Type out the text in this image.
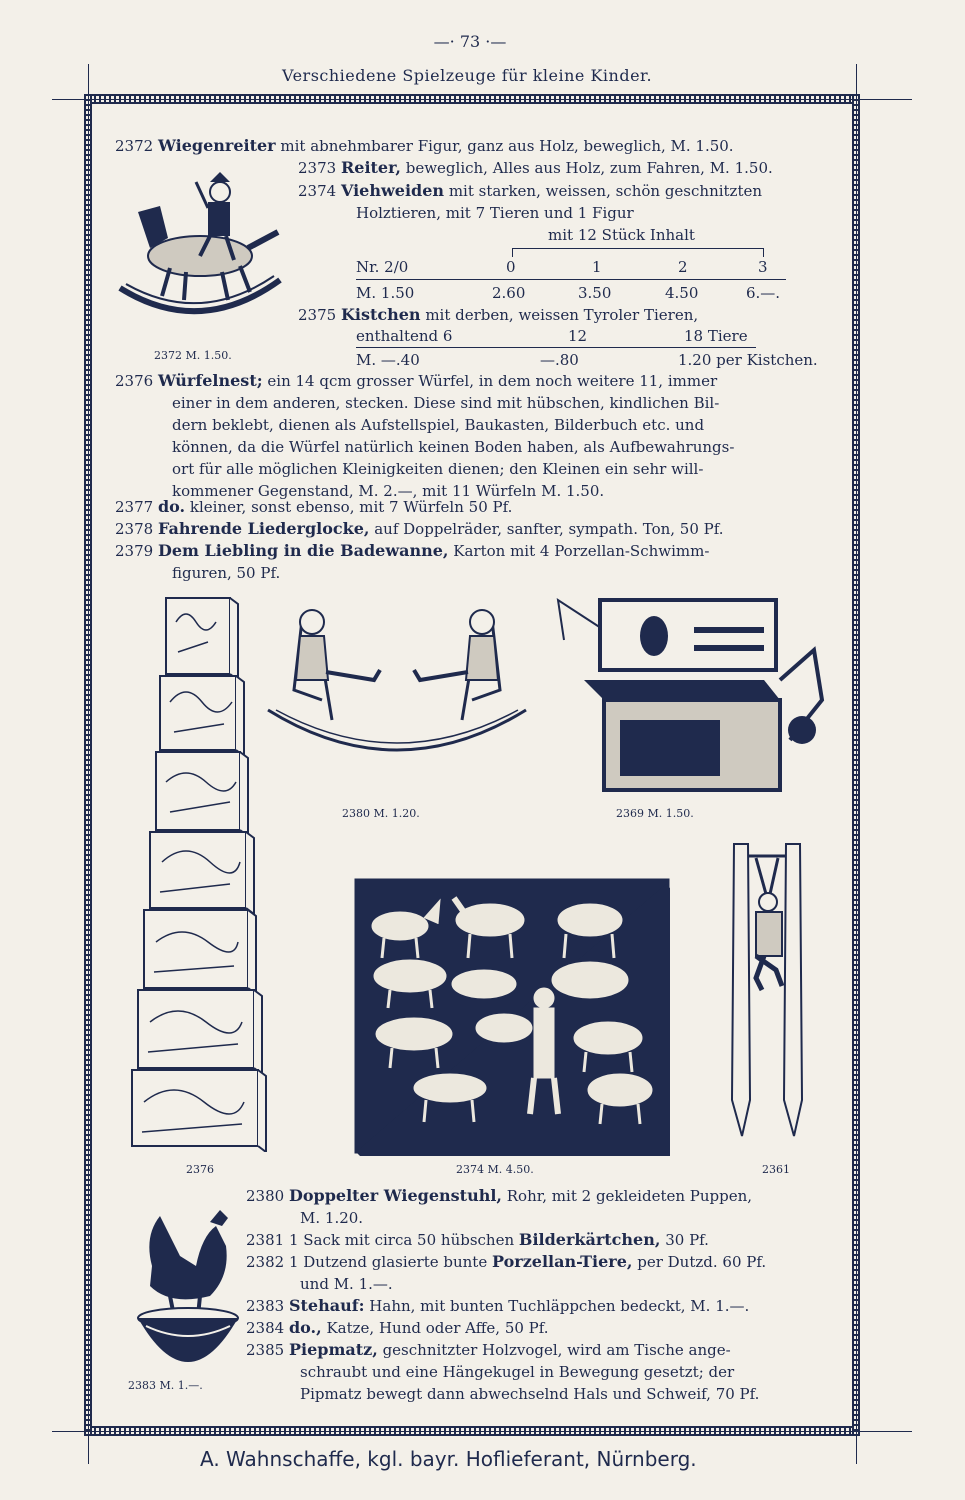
—· 73 ·—
Verschiedene Spielzeuge für kleine Kinder.
2372 Wiegenreiter mit abnehmbarer Figur, ganz aus Holz, beweglich, M. 1.50.
2373 Reiter, beweglich, Alles aus Holz, zum Fahren, M. 1.50.
2374 Viehweiden mit starken, weissen, schön geschnitzten
Holztieren, mit 7 Tieren und 1 Figur
mit 12 Stück Inhalt
Nr. 2/0	0	1	2	3
M. 1.50	2.60	3.50	4.50	6.—.
2375 Kistchen mit derben, weissen Tyroler Tieren,
enthaltend 6	12	18 Tiere
M. —.40	—.80	1.20 per Kistchen.
2372 M. 1.50.
2376 Würfelnest; ein 14 qcm grosser Würfel, in dem noch weitere 11, immer
einer in dem anderen, stecken. Diese sind mit hübschen, kindlichen Bil-
dern beklebt, dienen als Aufstellspiel, Baukasten, Bilderbuch etc. und
können, da die Würfel natürlich keinen Boden haben, als Aufbewahrungs-
ort für alle möglichen Kleinigkeiten dienen; den Kleinen ein sehr will-
kommener Gegenstand, M. 2.—, mit 11 Würfeln M. 1.50.
2377 do. kleiner, sonst ebenso, mit 7 Würfeln 50 Pf.
2378 Fahrende Liederglocke, auf Doppelräder, sanfter, sympath. Ton, 50 Pf.
2379 Dem Liebling in die Badewanne, Karton mit 4 Porzellan-Schwimm-
figuren, 50 Pf.
2376
2380 M. 1.20.	2369 M. 1.50.
2374 M. 4.50.	2361
2383 M. 1.—.
2380 Doppelter Wiegenstuhl, Rohr, mit 2 gekleideten Puppen,
M. 1.20.
2381 1 Sack mit circa 50 hübschen Bilderkärtchen, 30 Pf.
2382 1 Dutzend glasierte bunte Porzellan-Tiere, per Dutzd. 60 Pf.
und M. 1.—.
2383 Stehauf: Hahn, mit bunten Tuchläppchen bedeckt, M. 1.—.
2384 do., Katze, Hund oder Affe, 50 Pf.
2385 Piepmatz, geschnitzter Holzvogel, wird am Tische ange-
schraubt und eine Hängekugel in Bewegung gesetzt; der
Pipmatz bewegt dann abwechselnd Hals und Schweif, 70 Pf.
A. Wahnschaffe, kgl. bayr. Hoflieferant, Nürnberg.
